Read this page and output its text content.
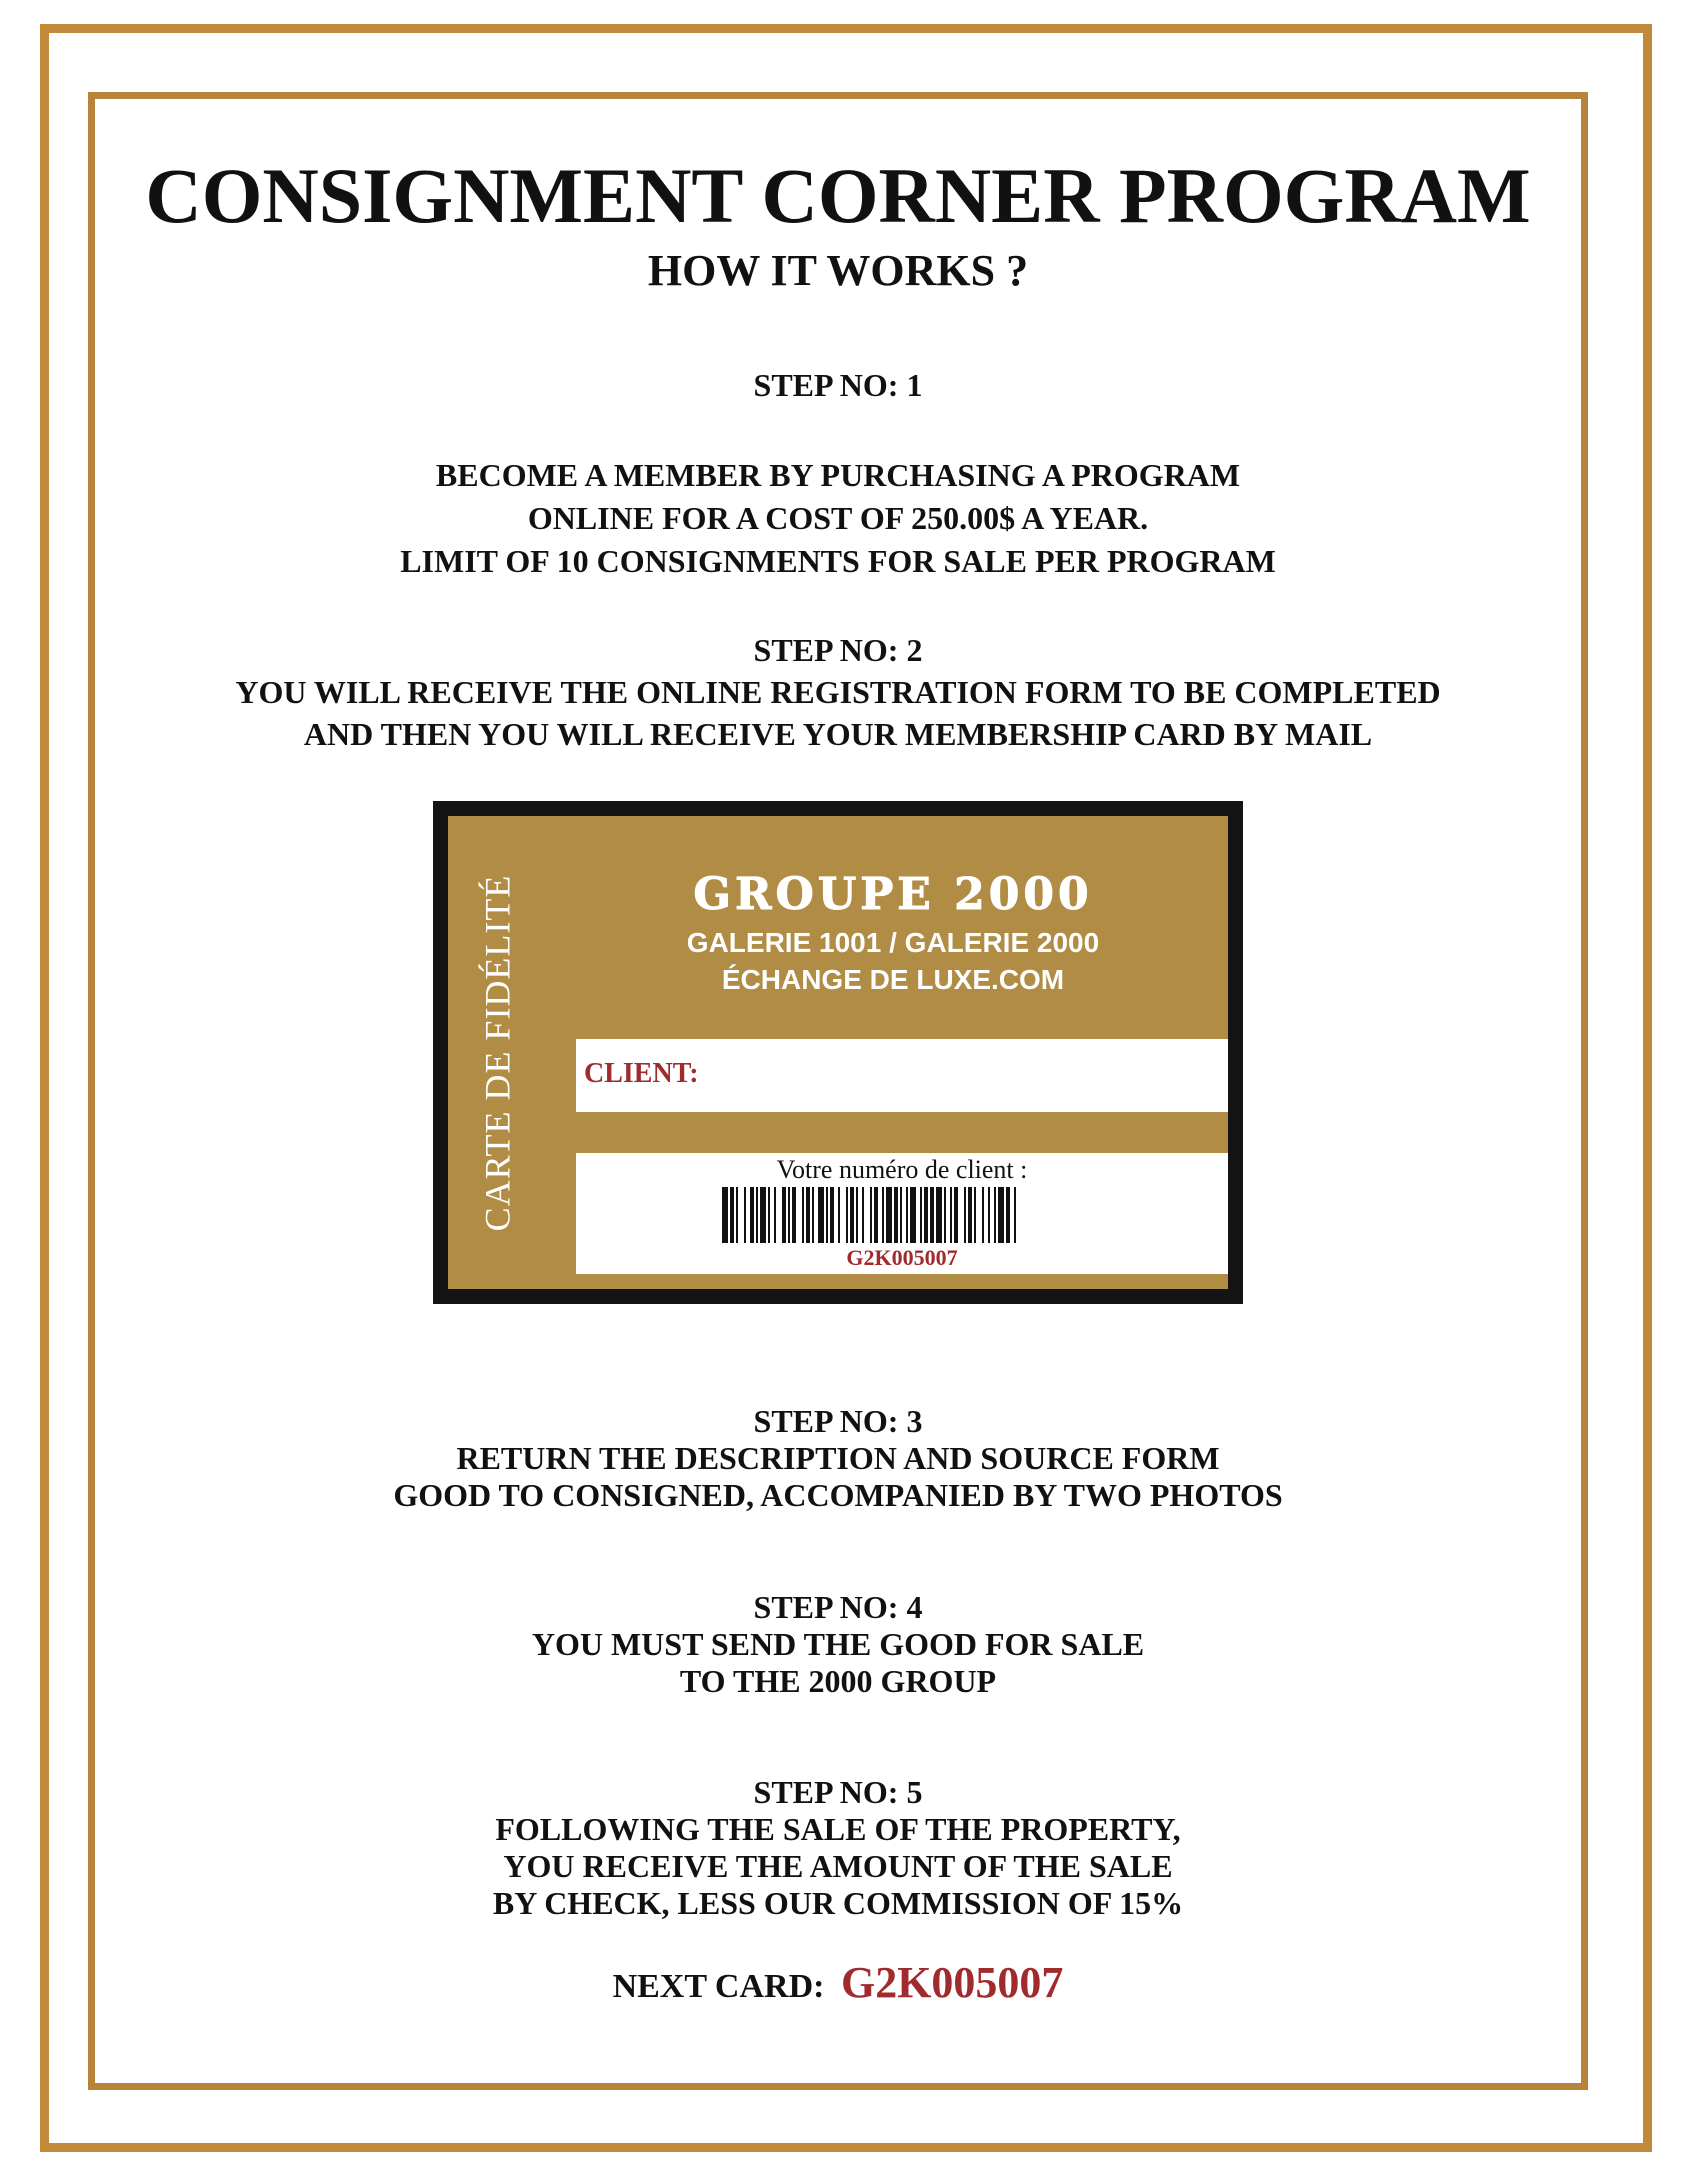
CONSIGNMENT CORNER PROGRAM
HOW IT WORKS ?
STEP NO: 1
BECOME A MEMBER BY PURCHASING A PROGRAM
ONLINE FOR A COST OF 250.00$ A YEAR.
LIMIT OF 10 CONSIGNMENTS FOR SALE PER PROGRAM
STEP NO: 2
YOU WILL RECEIVE THE ONLINE REGISTRATION FORM TO BE COMPLETED
AND THEN YOU WILL RECEIVE YOUR MEMBERSHIP CARD BY MAIL
STEP NO: 3
RETURN THE DESCRIPTION AND SOURCE FORM
GOOD TO CONSIGNED, ACCOMPANIED BY TWO PHOTOS
STEP NO: 4
YOU MUST SEND THE GOOD FOR SALE
TO THE 2000 GROUP
STEP NO: 5
FOLLOWING THE SALE OF THE PROPERTY,
YOU RECEIVE THE AMOUNT OF THE SALE
BY CHECK, LESS OUR COMMISSION OF 15%
CARTE DE FIDÉLITÉ	GROUPE 2000
GALERIE 1001 / GALERIE 2000
ÉCHANGE DE LUXE.COM
CLIENT:
Votre numéro de client :
G2K005007
NEXT CARD: G2K005007
